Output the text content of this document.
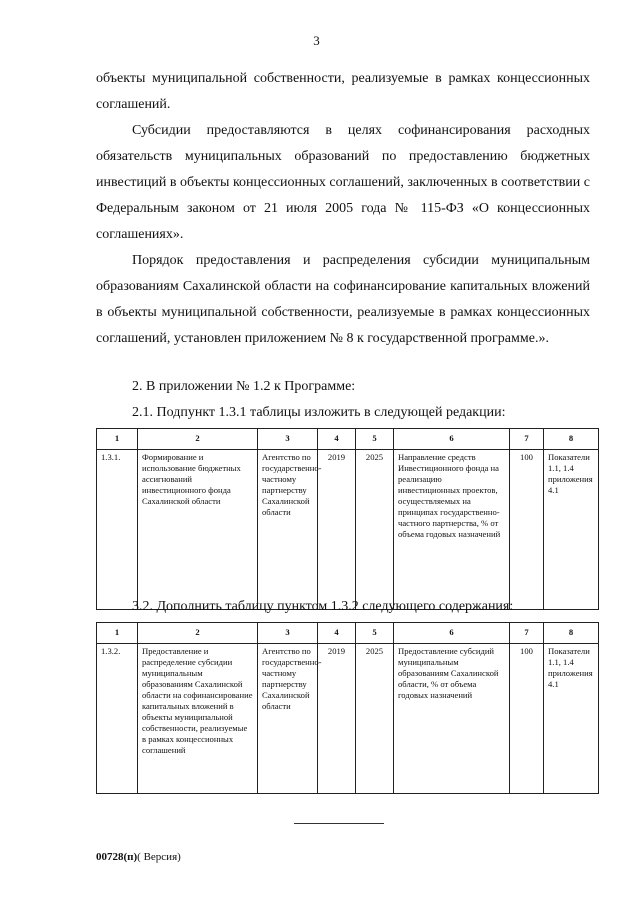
3

объекты муниципальной собственности, реализуемые в рамках концессионных соглашений.

Субсидии предоставляются в целях софинансирования расходных обязательств муниципальных образований по предоставлению бюджетных инвестиций в объекты концессионных соглашений, заключенных в соответствии с Федеральным законом от 21 июля 2005 года № 115-ФЗ «О концессионных соглашениях».

Порядок предоставления и распределения субсидии муниципальным образованиям Сахалинской области на софинансирование капитальных вложений в объекты муниципальной собственности, реализуемые в рамках концессионных соглашений, установлен приложением № 8 к государственной программе.».

2. В приложении № 1.2 к Программе:

2.1. Подпункт 1.3.1 таблицы изложить в следующей редакции:

1	2	3	4	5	6	7	8
1.3.1.	Формирование и использование бюджетных ассигнований инвестиционного фонда Сахалинской области	Агентство по государственно-частному партнерству Сахалинской области	2019	2025	Направление средств Инвестиционного фонда на реализацию инвестиционных проектов, осуществляемых на принципах государственно-частного партнерства, % от объема годовых назначений	100	Показатели 1.1, 1.4 приложения 4.1

3.2. Дополнить таблицу пунктом 1.3.2 следующего содержания:

1	2	3	4	5	6	7	8
1.3.2.	Предоставление и распределение субсидии муниципальным образованиям Сахалинской области на софинансирование капитальных вложений в объекты муниципальной собственности, реализуемые в рамках концессионных соглашений	Агентство по государственно-частному партнерству Сахалинской области	2019	2025	Предоставление субсидий муниципальным образованиям Сахалинской области, % от объема годовых назначений	100	Показатели 1.1, 1.4 приложения 4.1

00728(п)( Версия)
